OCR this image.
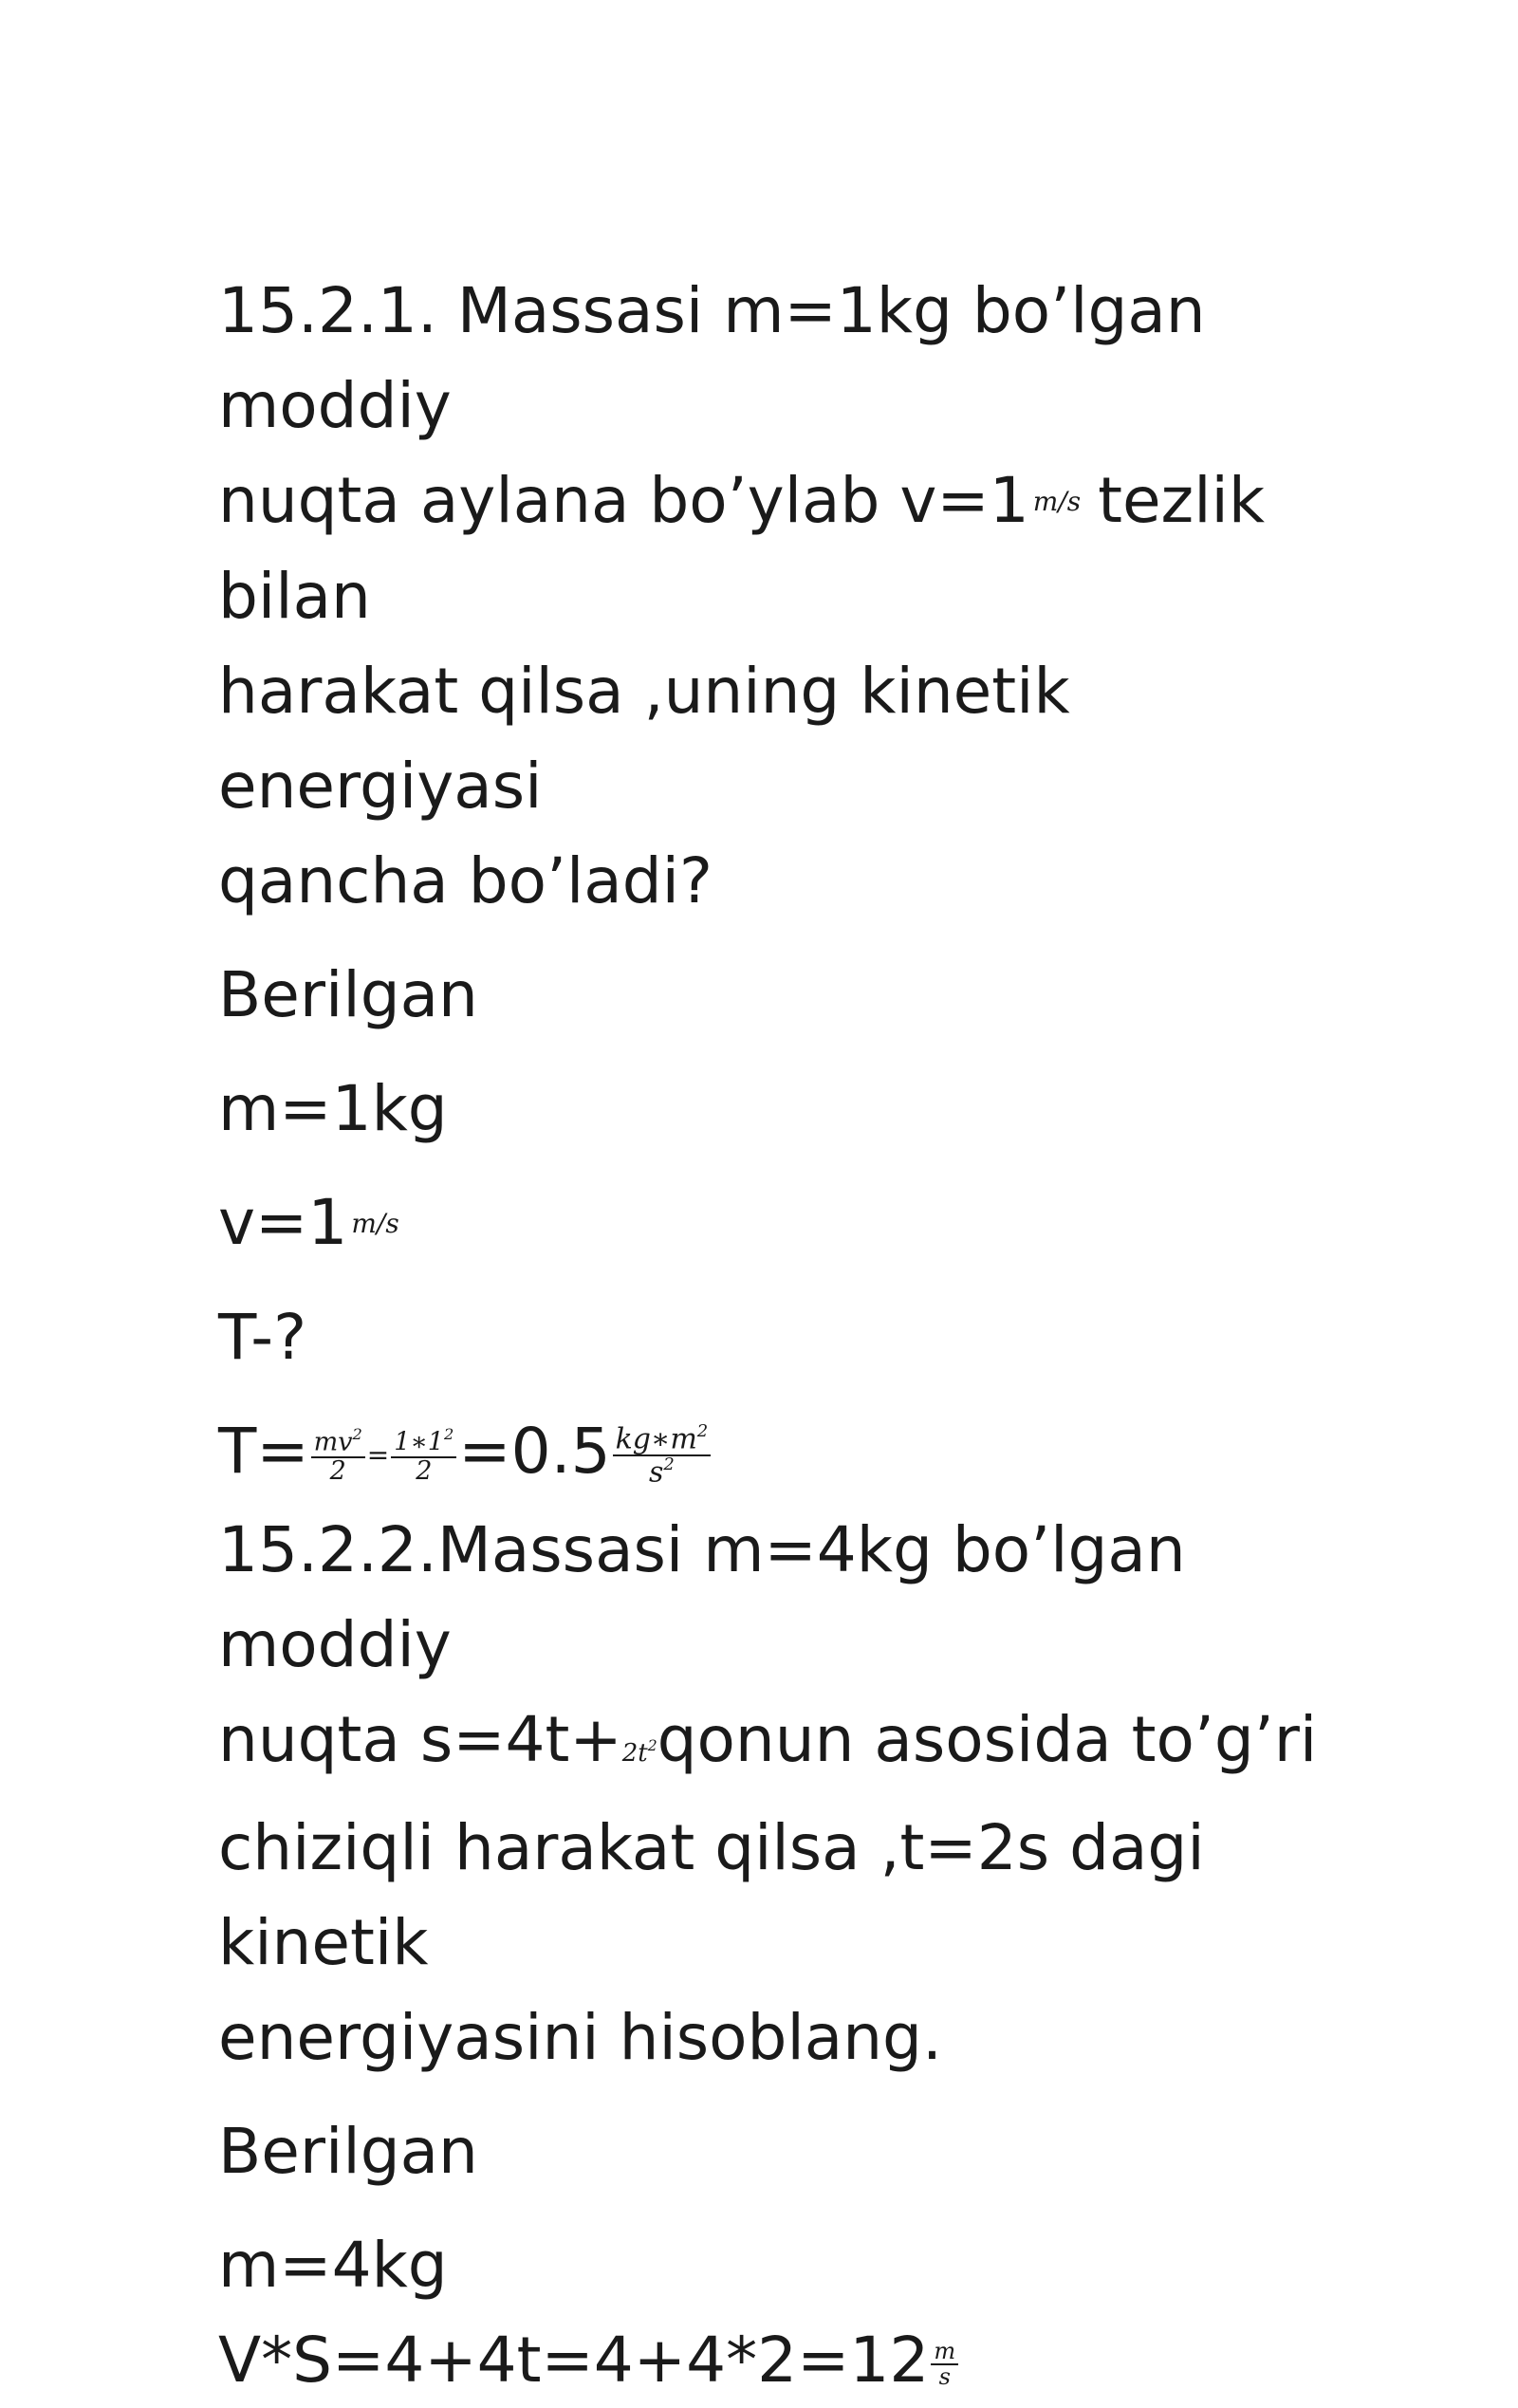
15.2.1. Massasi m=1kg bo’lgan moddiy
nuqta aylana bo’ylab v=1 m/s tezlik bilan
harakat qilsa ,uning kinetik energiyasi
qancha bo’ladi?

Berilgan

m=1kg

v=1 m/s

T-?

$T= \frac{mv^2}{2} = \frac{1∗1^2}{2} =0.5 \frac{kg∗m^2}{s^2}$

15.2.2.Massasi m=4kg bo’lgan moddiy
nuqta $s=4t+2t^2qonun$ asosida to’g’ri
chiziqli harakat qilsa ,t=2s dagi kinetik
energiyasini hisoblang.

Berilgan

m=4kg

$V*S=4+4t=4+4*2=12 \frac{m}{s}$
